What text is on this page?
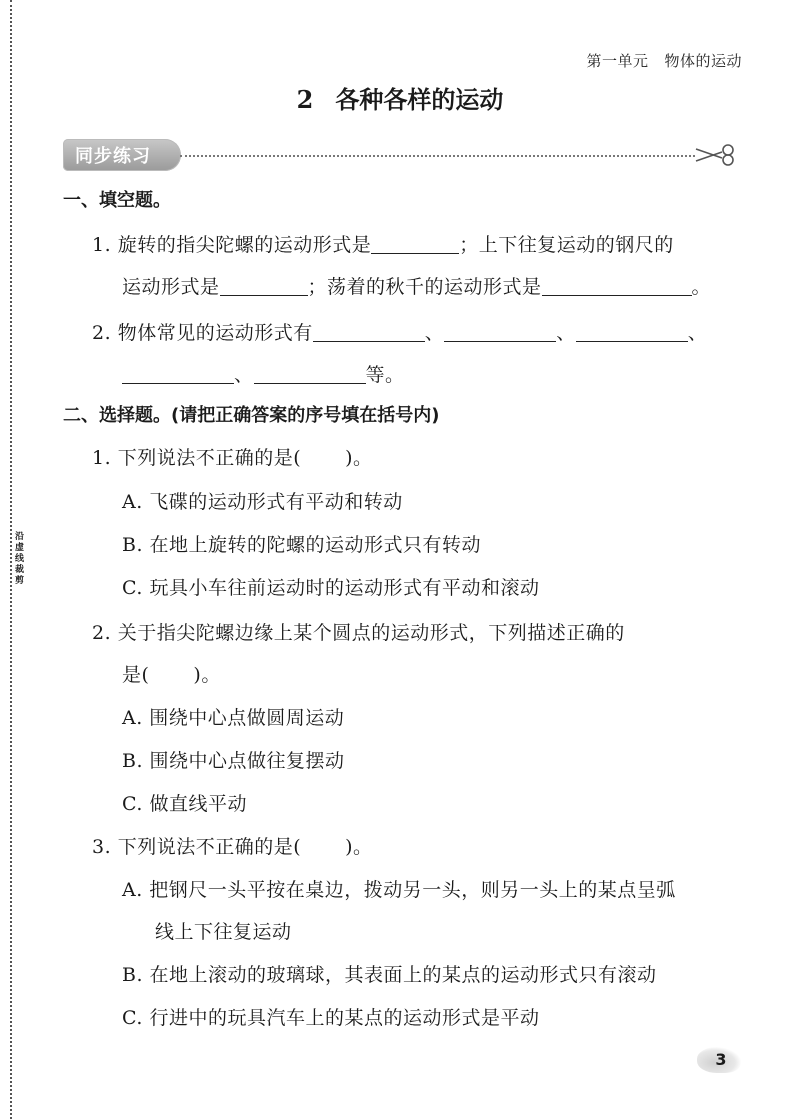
沿虚线裁剪
第一单元 物体的运动
2 各种各样的运动
同步练习
一、填空题。
1. 旋转的指尖陀螺的运动形式是	；上下往复运动的钢尺的
运动形式是	；荡着的秋千的运动形式是	。
2. 物体常见的运动形式有	、	、	、
、	等。
二、选择题。(请把正确答案的序号填在括号内)
1. 下列说法不正确的是( )。
A. 飞碟的运动形式有平动和转动
B. 在地上旋转的陀螺的运动形式只有转动
C. 玩具小车往前运动时的运动形式有平动和滚动
2. 关于指尖陀螺边缘上某个圆点的运动形式，下列描述正确的
是( )。
A. 围绕中心点做圆周运动
B. 围绕中心点做往复摆动
C. 做直线平动
3. 下列说法不正确的是( )。
A. 把钢尺一头平按在桌边，拨动另一头，则另一头上的某点呈弧
线上下往复运动
B. 在地上滚动的玻璃球，其表面上的某点的运动形式只有滚动
C. 行进中的玩具汽车上的某点的运动形式是平动
3
